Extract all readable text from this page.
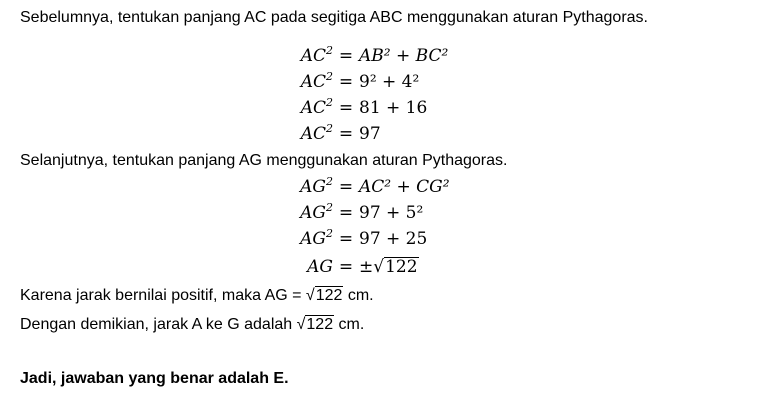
Sebelumnya, tentukan panjang AC pada segitiga ABC menggunakan aturan Pythagoras.
$AC^2 = AB^2 + BC^2$
$AC^2 = 9^2 + 4^2$
$AC^2 = 81 + 16$
$AC^2 = 97$
Selanjutnya, tentukan panjang AG menggunakan aturan Pythagoras.
$AG^2 = AC^2 + CG^2$
$AG^2 = 97 + 5^2$
$AG^2 = 97 + 25$
AG = ±√122
Karena jarak bernilai positif, maka AG = √122 cm.
Dengan demikian, jarak A ke G adalah √122 cm.
Jadi, jawaban yang benar adalah E.
